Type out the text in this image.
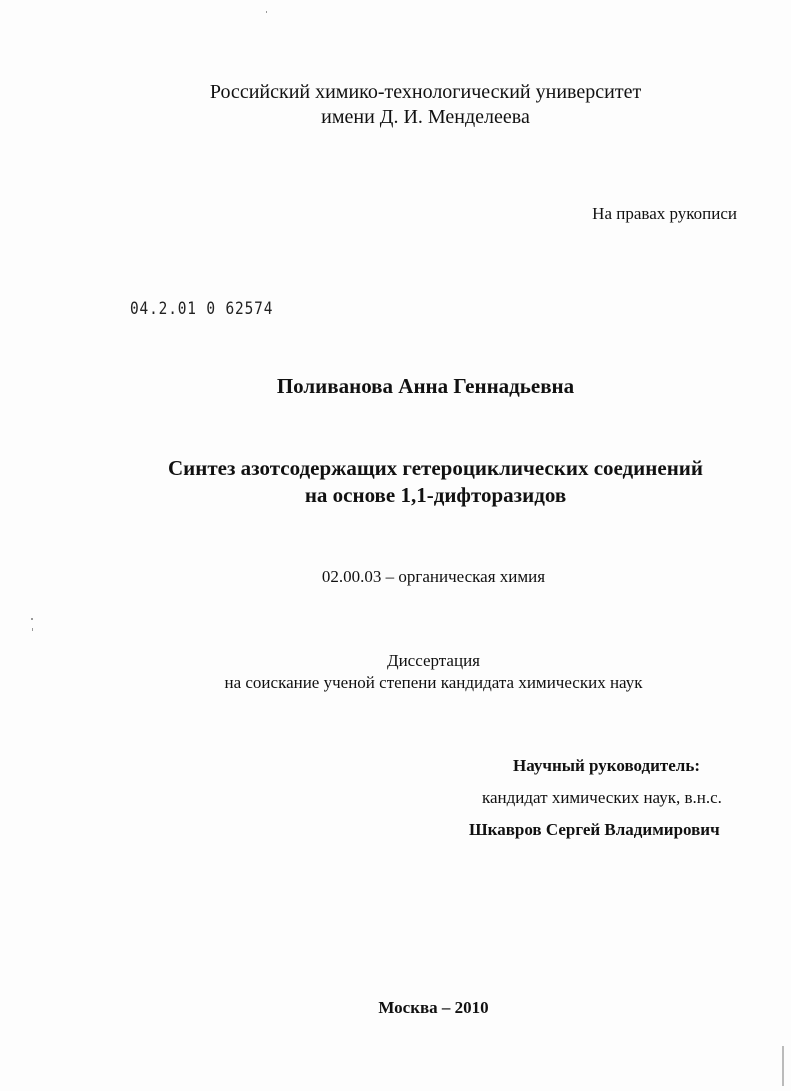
Российский химико-технологический университет
имени Д. И. Менделеева
На правах рукописи
04.2.01 0 62574
Поливанова Анна Геннадьевна
Синтез азотсодержащих гетероциклических соединений
на основе 1,1-дифторазидов
02.00.03 – органическая химия
Диссертация
на соискание ученой степени кандидата химических наук
Научный руководитель:
кандидат химических наук, в.н.с.
Шкавров Сергей Владимирович
Москва – 2010
